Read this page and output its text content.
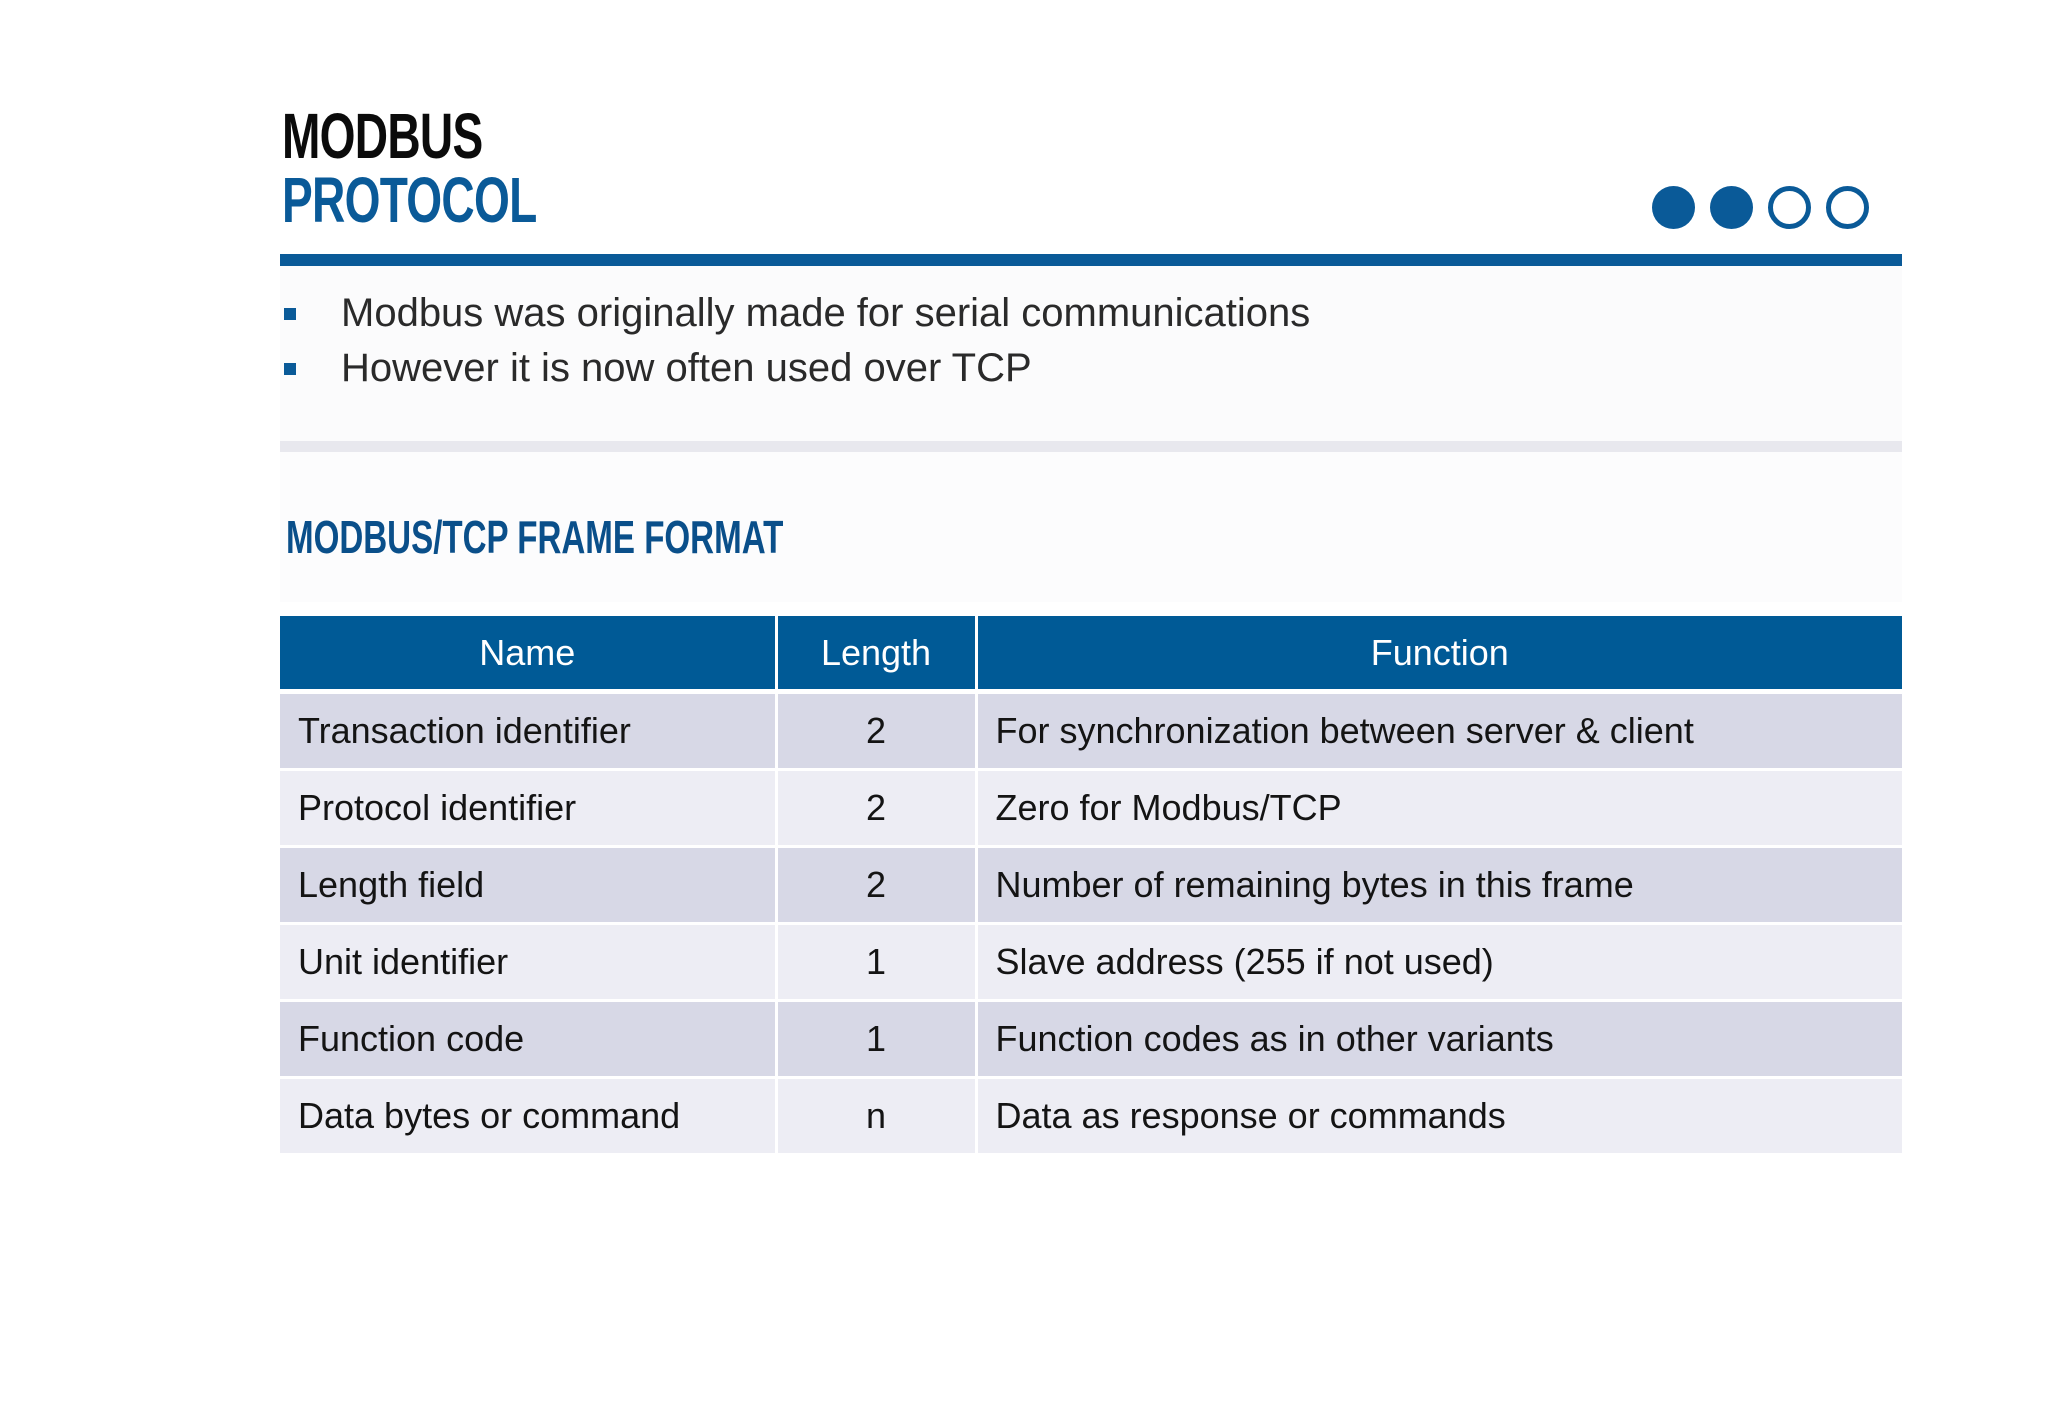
MODBUS
PROTOCOL
Modbus was originally made for serial communications
However it is now often used over TCP
MODBUS/TCP FRAME FORMAT
Name	Length	Function
Transaction identifier	2	For synchronization between server & client
Protocol identifier	2	Zero for Modbus/TCP
Length field	2	Number of remaining bytes in this frame
Unit identifier	1	Slave address (255 if not used)
Function code	1	Function codes as in other variants
Data bytes or command	n	Data as response or commands
